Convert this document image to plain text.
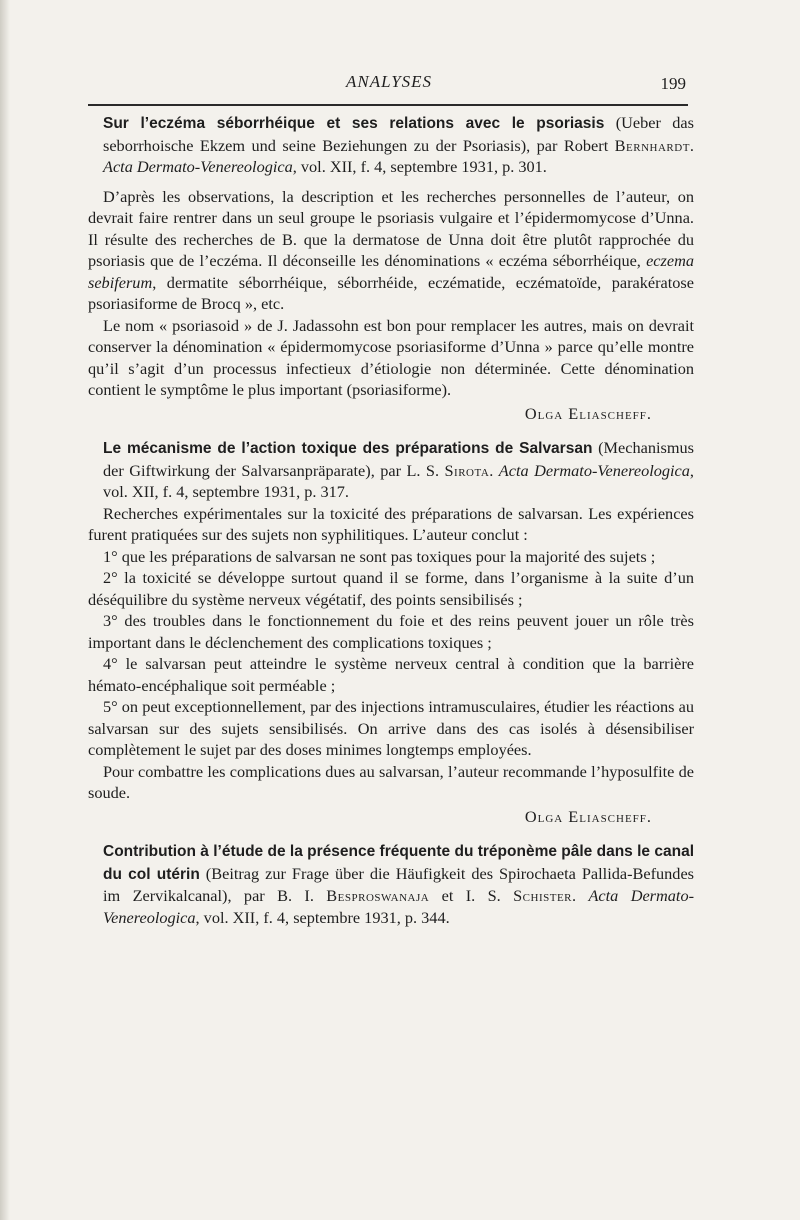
ANALYSES	199

Sur l’eczéma séborrhéique et ses relations avec le psoriasis (Ueber das seborrhoische Ekzem und seine Beziehungen zu der Psoriasis), par Robert Bernhardt. Acta Dermato-Venereologica, vol. XII, f. 4, septembre 1931, p. 301.

D’après les observations, la description et les recherches personnelles de l’auteur, on devrait faire rentrer dans un seul groupe le psoriasis vulgaire et l’épidermomycose d’Unna. Il résulte des recherches de B. que la dermatose de Unna doit être plutôt rapprochée du psoriasis que de l’eczéma. Il déconseille les dénominations « eczéma séborrhéique, eczema sebiferum, dermatite séborrhéique, séborrhéide, eczématide, eczématoïde, parakératose psoriasiforme de Brocq », etc.

Le nom « psoriasoid » de J. Jadassohn est bon pour remplacer les autres, mais on devrait conserver la dénomination « épidermomycose psoriasiforme d’Unna » parce qu’elle montre qu’il s’agit d’un processus infectieux d’étiologie non déterminée. Cette dénomination contient le symptôme le plus important (psoriasiforme).

Olga Eliascheff.

Le mécanisme de l’action toxique des préparations de Salvarsan (Mechanismus der Giftwirkung der Salvarsanpräparate), par L. S. Sirota. Acta Dermato-Venereologica, vol. XII, f. 4, septembre 1931, p. 317.

Recherches expérimentales sur la toxicité des préparations de salvarsan. Les expériences furent pratiquées sur des sujets non syphilitiques. L’auteur conclut :

1° que les préparations de salvarsan ne sont pas toxiques pour la majorité des sujets ;

2° la toxicité se développe surtout quand il se forme, dans l’organisme à la suite d’un déséquilibre du système nerveux végétatif, des points sensibilisés ;

3° des troubles dans le fonctionnement du foie et des reins peuvent jouer un rôle très important dans le déclenchement des complications toxiques ;

4° le salvarsan peut atteindre le système nerveux central à condition que la barrière hémato-encéphalique soit perméable ;

5° on peut exceptionnellement, par des injections intramusculaires, étudier les réactions au salvarsan sur des sujets sensibilisés. On arrive dans des cas isolés à désensibiliser complètement le sujet par des doses minimes longtemps employées.

Pour combattre les complications dues au salvarsan, l’auteur recommande l’hyposulfite de soude.

Olga Eliascheff.

Contribution à l’étude de la présence fréquente du tréponème pâle dans le canal du col utérin (Beitrag zur Frage über die Häufigkeit des Spirochaeta Pallida-Befundes im Zervikalcanal), par B. I. Besproswanaja et I. S. Schister. Acta Dermato-Venereologica, vol. XII, f. 4, septembre 1931, p. 344.
